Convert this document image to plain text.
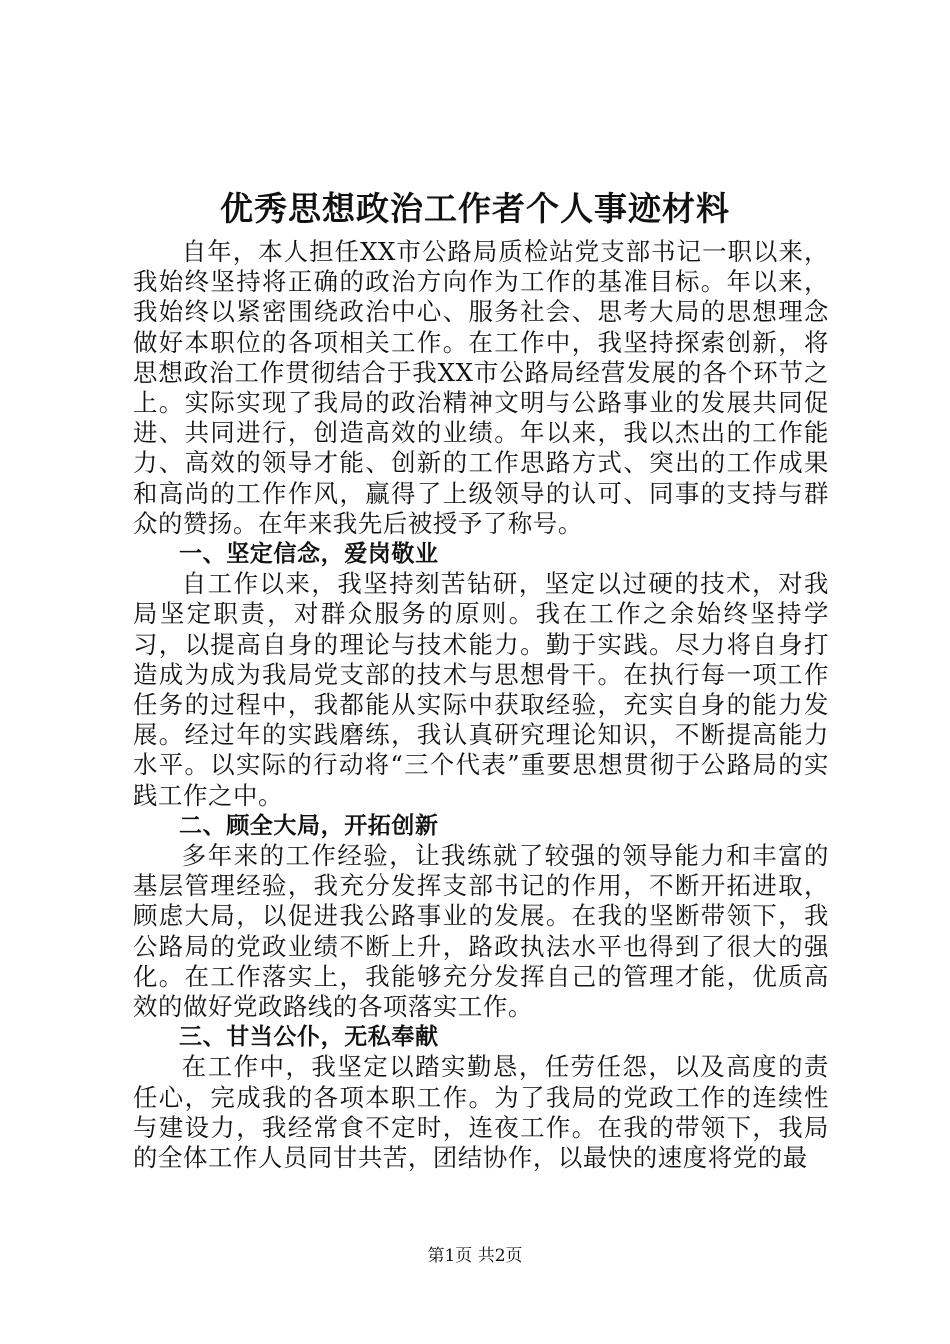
优秀思想政治工作者个人事迹材料

自年，本人担任XX市公路局质检站党支部书记一职以来，我始终坚持将正确的政治方向作为工作的基准目标。年以来，我始终以紧密围绕政治中心、服务社会、思考大局的思想理念做好本职位的各项相关工作。在工作中，我坚持探索创新，将思想政治工作贯彻结合于我XX市公路局经营发展的各个环节之上。实际实现了我局的政治精神文明与公路事业的发展共同促进、共同进行，创造高效的业绩。年以来，我以杰出的工作能力、高效的领导才能、创新的工作思路方式、突出的工作成果和高尚的工作作风，赢得了上级领导的认可、同事的支持与群众的赞扬。在年来我先后被授予了称号。

一、坚定信念，爱岗敬业

自工作以来，我坚持刻苦钻研，坚定以过硬的技术，对我局坚定职责，对群众服务的原则。我在工作之余始终坚持学习，以提高自身的理论与技术能力。勤于实践。尽力将自身打造成为成为我局党支部的技术与思想骨干。在执行每一项工作任务的过程中，我都能从实际中获取经验，充实自身的能力发展。经过年的实践磨练，我认真研究理论知识，不断提高能力水平。以实际的行动将“三个代表”重要思想贯彻于公路局的实践工作之中。

二、顾全大局，开拓创新

多年来的工作经验，让我练就了较强的领导能力和丰富的基层管理经验，我充分发挥支部书记的作用，不断开拓进取，顾虑大局，以促进我公路事业的发展。在我的坚断带领下，我公路局的党政业绩不断上升，路政执法水平也得到了很大的强化。在工作落实上，我能够充分发挥自己的管理才能，优质高效的做好党政路线的各项落实工作。

三、甘当公仆，无私奉献

在工作中，我坚定以踏实勤恳，任劳任怨，以及高度的责任心，完成我的各项本职工作。为了我局的党政工作的连续性与建设力，我经常食不定时，连夜工作。在我的带领下，我局的全体工作人员同甘共苦，团结协作，以最快的速度将党的最

第1页 共2页
